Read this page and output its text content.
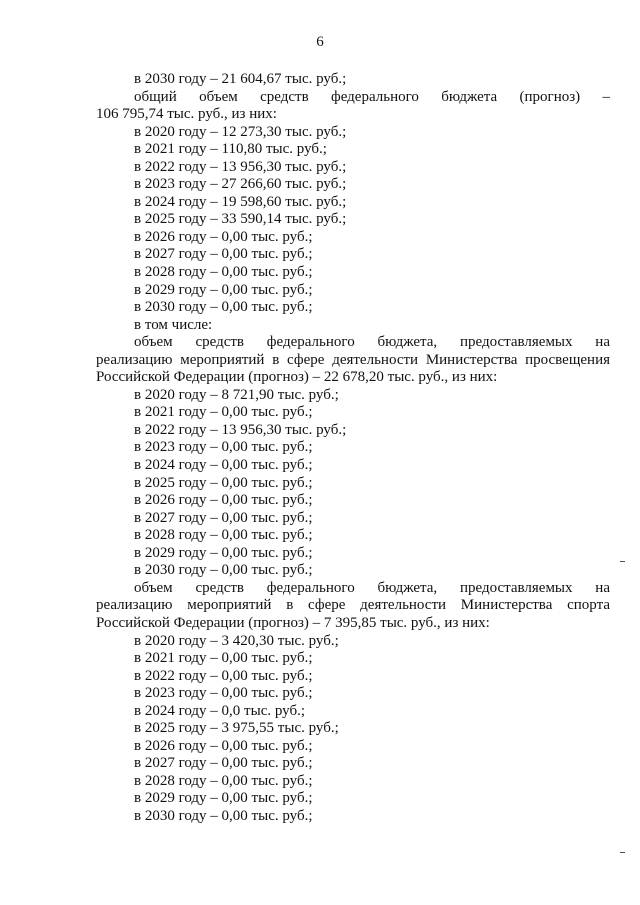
6
в 2030 году – 21 604,67 тыс. руб.;
общий объем средств федерального бюджета (прогноз) –
106 795,74 тыс. руб., из них:
в 2020 году – 12 273,30 тыс. руб.;
в 2021 году – 110,80 тыс. руб.;
в 2022 году – 13 956,30 тыс. руб.;
в 2023 году – 27 266,60 тыс. руб.;
в 2024 году – 19 598,60 тыс. руб.;
в 2025 году – 33 590,14 тыс. руб.;
в 2026 году – 0,00 тыс. руб.;
в 2027 году – 0,00 тыс. руб.;
в 2028 году – 0,00 тыс. руб.;
в 2029 году – 0,00 тыс. руб.;
в 2030 году – 0,00 тыс. руб.;
в том числе:
объем средств федерального бюджета, предоставляемых на
реализацию мероприятий в сфере деятельности Министерства просвещения
Российской Федерации (прогноз) – 22 678,20 тыс. руб., из них:
в 2020 году – 8 721,90 тыс. руб.;
в 2021 году – 0,00 тыс. руб.;
в 2022 году – 13 956,30 тыс. руб.;
в 2023 году – 0,00 тыс. руб.;
в 2024 году – 0,00 тыс. руб.;
в 2025 году – 0,00 тыс. руб.;
в 2026 году – 0,00 тыс. руб.;
в 2027 году – 0,00 тыс. руб.;
в 2028 году – 0,00 тыс. руб.;
в 2029 году – 0,00 тыс. руб.;
в 2030 году – 0,00 тыс. руб.;
объем средств федерального бюджета, предоставляемых на
реализацию мероприятий в сфере деятельности Министерства спорта
Российской Федерации (прогноз) – 7 395,85 тыс. руб., из них:
в 2020 году – 3 420,30 тыс. руб.;
в 2021 году – 0,00 тыс. руб.;
в 2022 году – 0,00 тыс. руб.;
в 2023 году – 0,00 тыс. руб.;
в 2024 году – 0,0 тыс. руб.;
в 2025 году – 3 975,55 тыс. руб.;
в 2026 году – 0,00 тыс. руб.;
в 2027 году – 0,00 тыс. руб.;
в 2028 году – 0,00 тыс. руб.;
в 2029 году – 0,00 тыс. руб.;
в 2030 году – 0,00 тыс. руб.;
